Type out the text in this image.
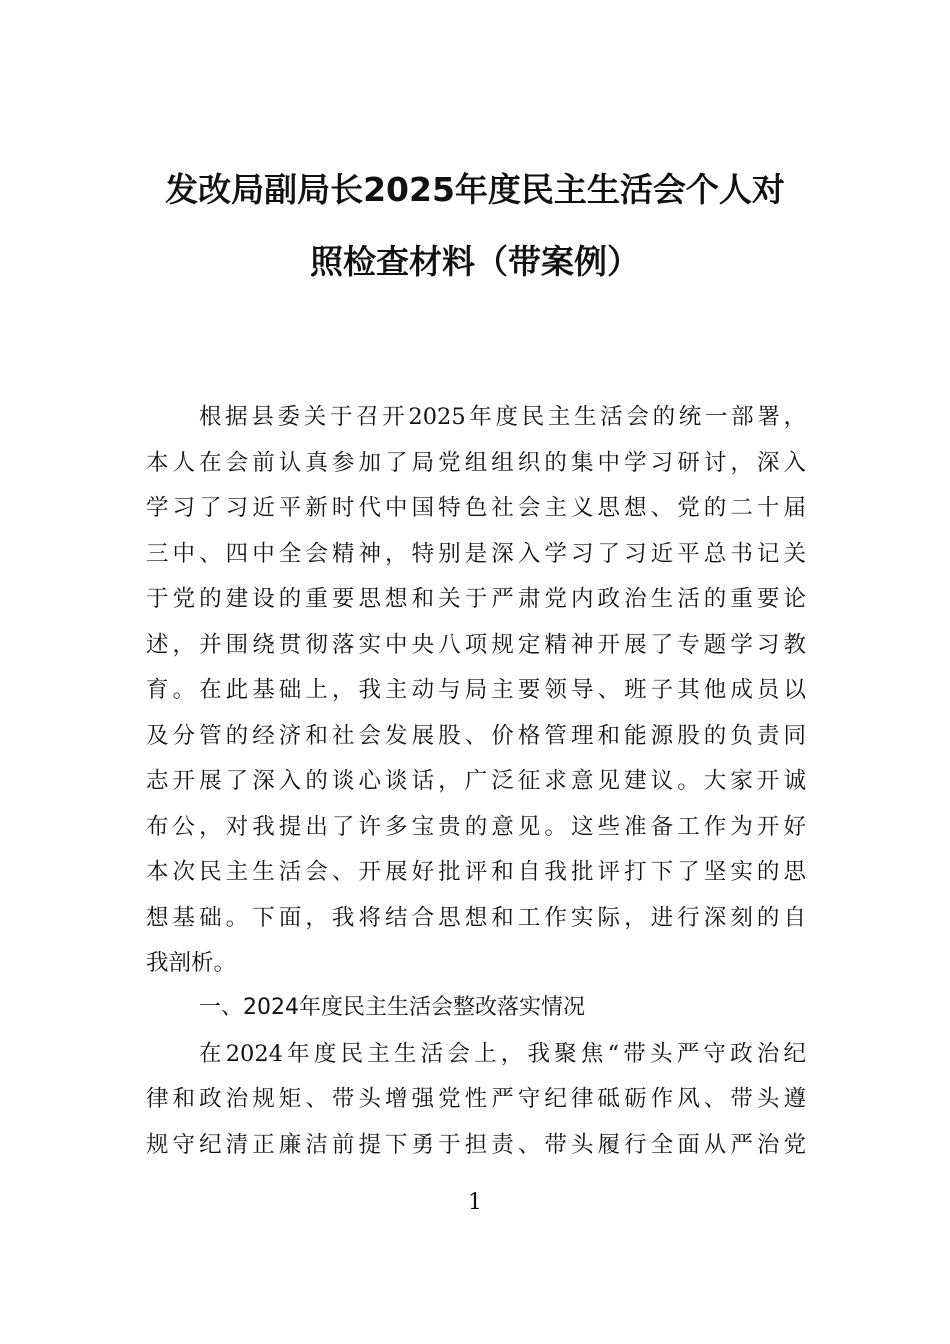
发改局副局长2025年度民主生活会个人对
照检查材料（带案例）
根据县委关于召开2025年度民主生活会的统一部署，
本人在会前认真参加了局党组组织的集中学习研讨，深入
学习了习近平新时代中国特色社会主义思想、党的二十届
三中、四中全会精神，特别是深入学习了习近平总书记关
于党的建设的重要思想和关于严肃党内政治生活的重要论
述，并围绕贯彻落实中央八项规定精神开展了专题学习教
育。在此基础上，我主动与局主要领导、班子其他成员以
及分管的经济和社会发展股、价格管理和能源股的负责同
志开展了深入的谈心谈话，广泛征求意见建议。大家开诚
布公，对我提出了许多宝贵的意见。这些准备工作为开好
本次民主生活会、开展好批评和自我批评打下了坚实的思
想基础。下面，我将结合思想和工作实际，进行深刻的自
我剖析。
一、2024年度民主生活会整改落实情况
在2024年度民主生活会上，我聚焦“带头严守政治纪
律和政治规矩、带头增强党性严守纪律砥砺作风、带头遵
规守纪清正廉洁前提下勇于担责、带头履行全面从严治党
1
